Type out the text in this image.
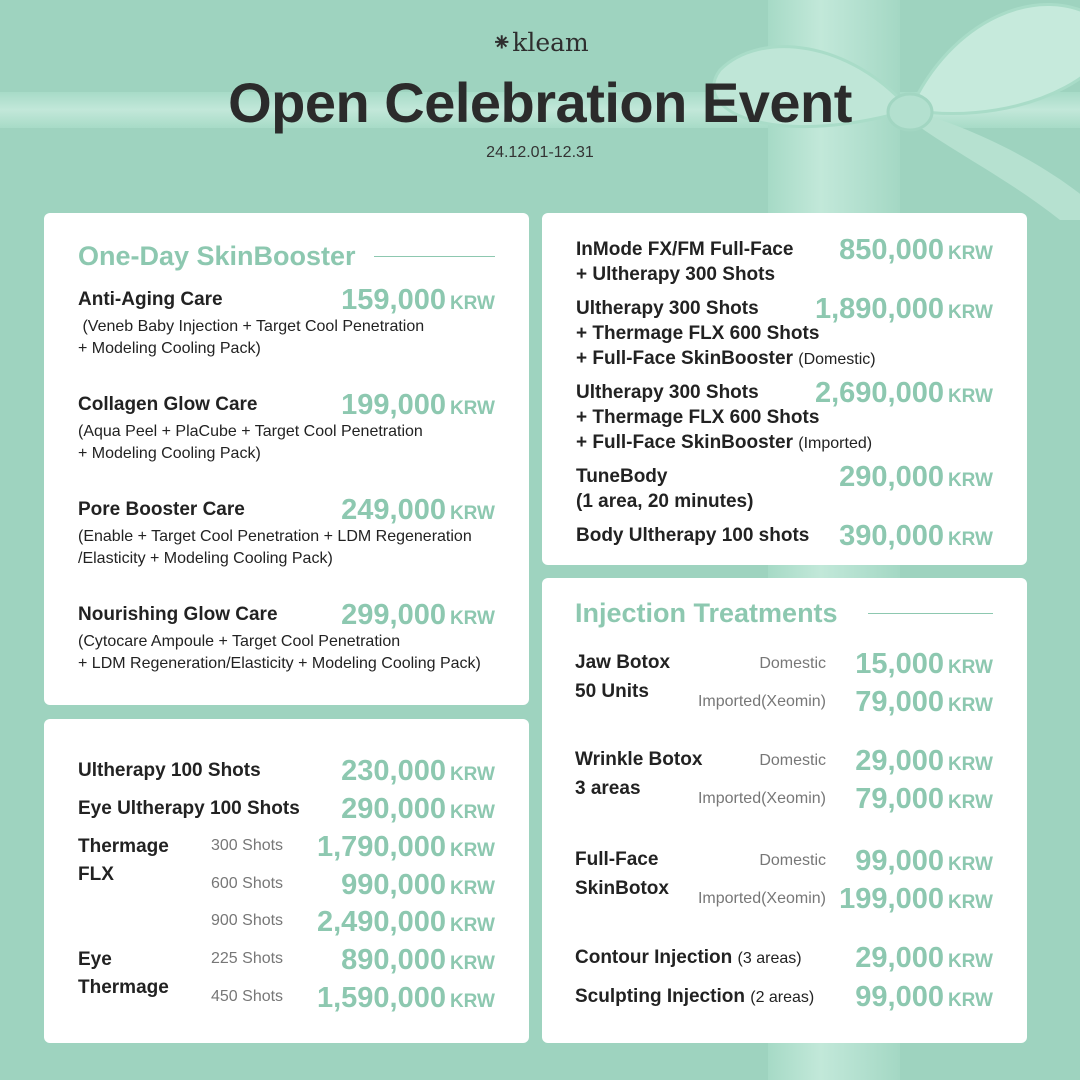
⁕kleam
Open Celebration Event
24.12.01-12.31
One-Day SkinBooster
Anti-Aging Care	159,000 KRW
(Veneb Baby Injection + Target Cool Penetration
+ Modeling Cooling Pack)
Collagen Glow Care	199,000 KRW
(Aqua Peel + PlaCube + Target Cool Penetration
+ Modeling Cooling Pack)
Pore Booster Care	249,000 KRW
(Enable + Target Cool Penetration + LDM Regeneration
/Elasticity + Modeling Cooling Pack)
Nourishing Glow Care	299,000 KRW
(Cytocare Ampoule + Target Cool Penetration
+ LDM Regeneration/Elasticity + Modeling Cooling Pack)
Ultherapy 100 Shots	230,000 KRW
Eye Ultherapy 100 Shots	290,000 KRW
Thermage
FLX
300 Shots 1,790,000 KRW
600 Shots 990,000 KRW
900 Shots 2,490,000 KRW
Eye
Thermage
225 Shots 890,000 KRW
450 Shots 1,590,000 KRW
InMode FX/FM Full-Face
+ Ultherapy 300 Shots
850,000 KRW
Ultherapy 300 Shots
+ Thermage FLX 600 Shots
+ Full-Face SkinBooster (Domestic)
1,890,000 KRW
Ultherapy 300 Shots
+ Thermage FLX 600 Shots
+ Full-Face SkinBooster (Imported)
2,690,000 KRW
TuneBody
(1 area, 20 minutes)
290,000 KRW
Body Ultherapy 100 shots	390,000 KRW
Injection Treatments
Jaw Botox
50 Units
Domestic 15,000 KRW
Imported(Xeomin) 79,000 KRW
Wrinkle Botox
3 areas
Domestic 29,000 KRW
Imported(Xeomin) 79,000 KRW
Full-Face
SkinBotox
Domestic 99,000 KRW
Imported(Xeomin) 199,000 KRW
Contour Injection (3 areas)	29,000 KRW
Sculpting Injection (2 areas)	99,000 KRW
